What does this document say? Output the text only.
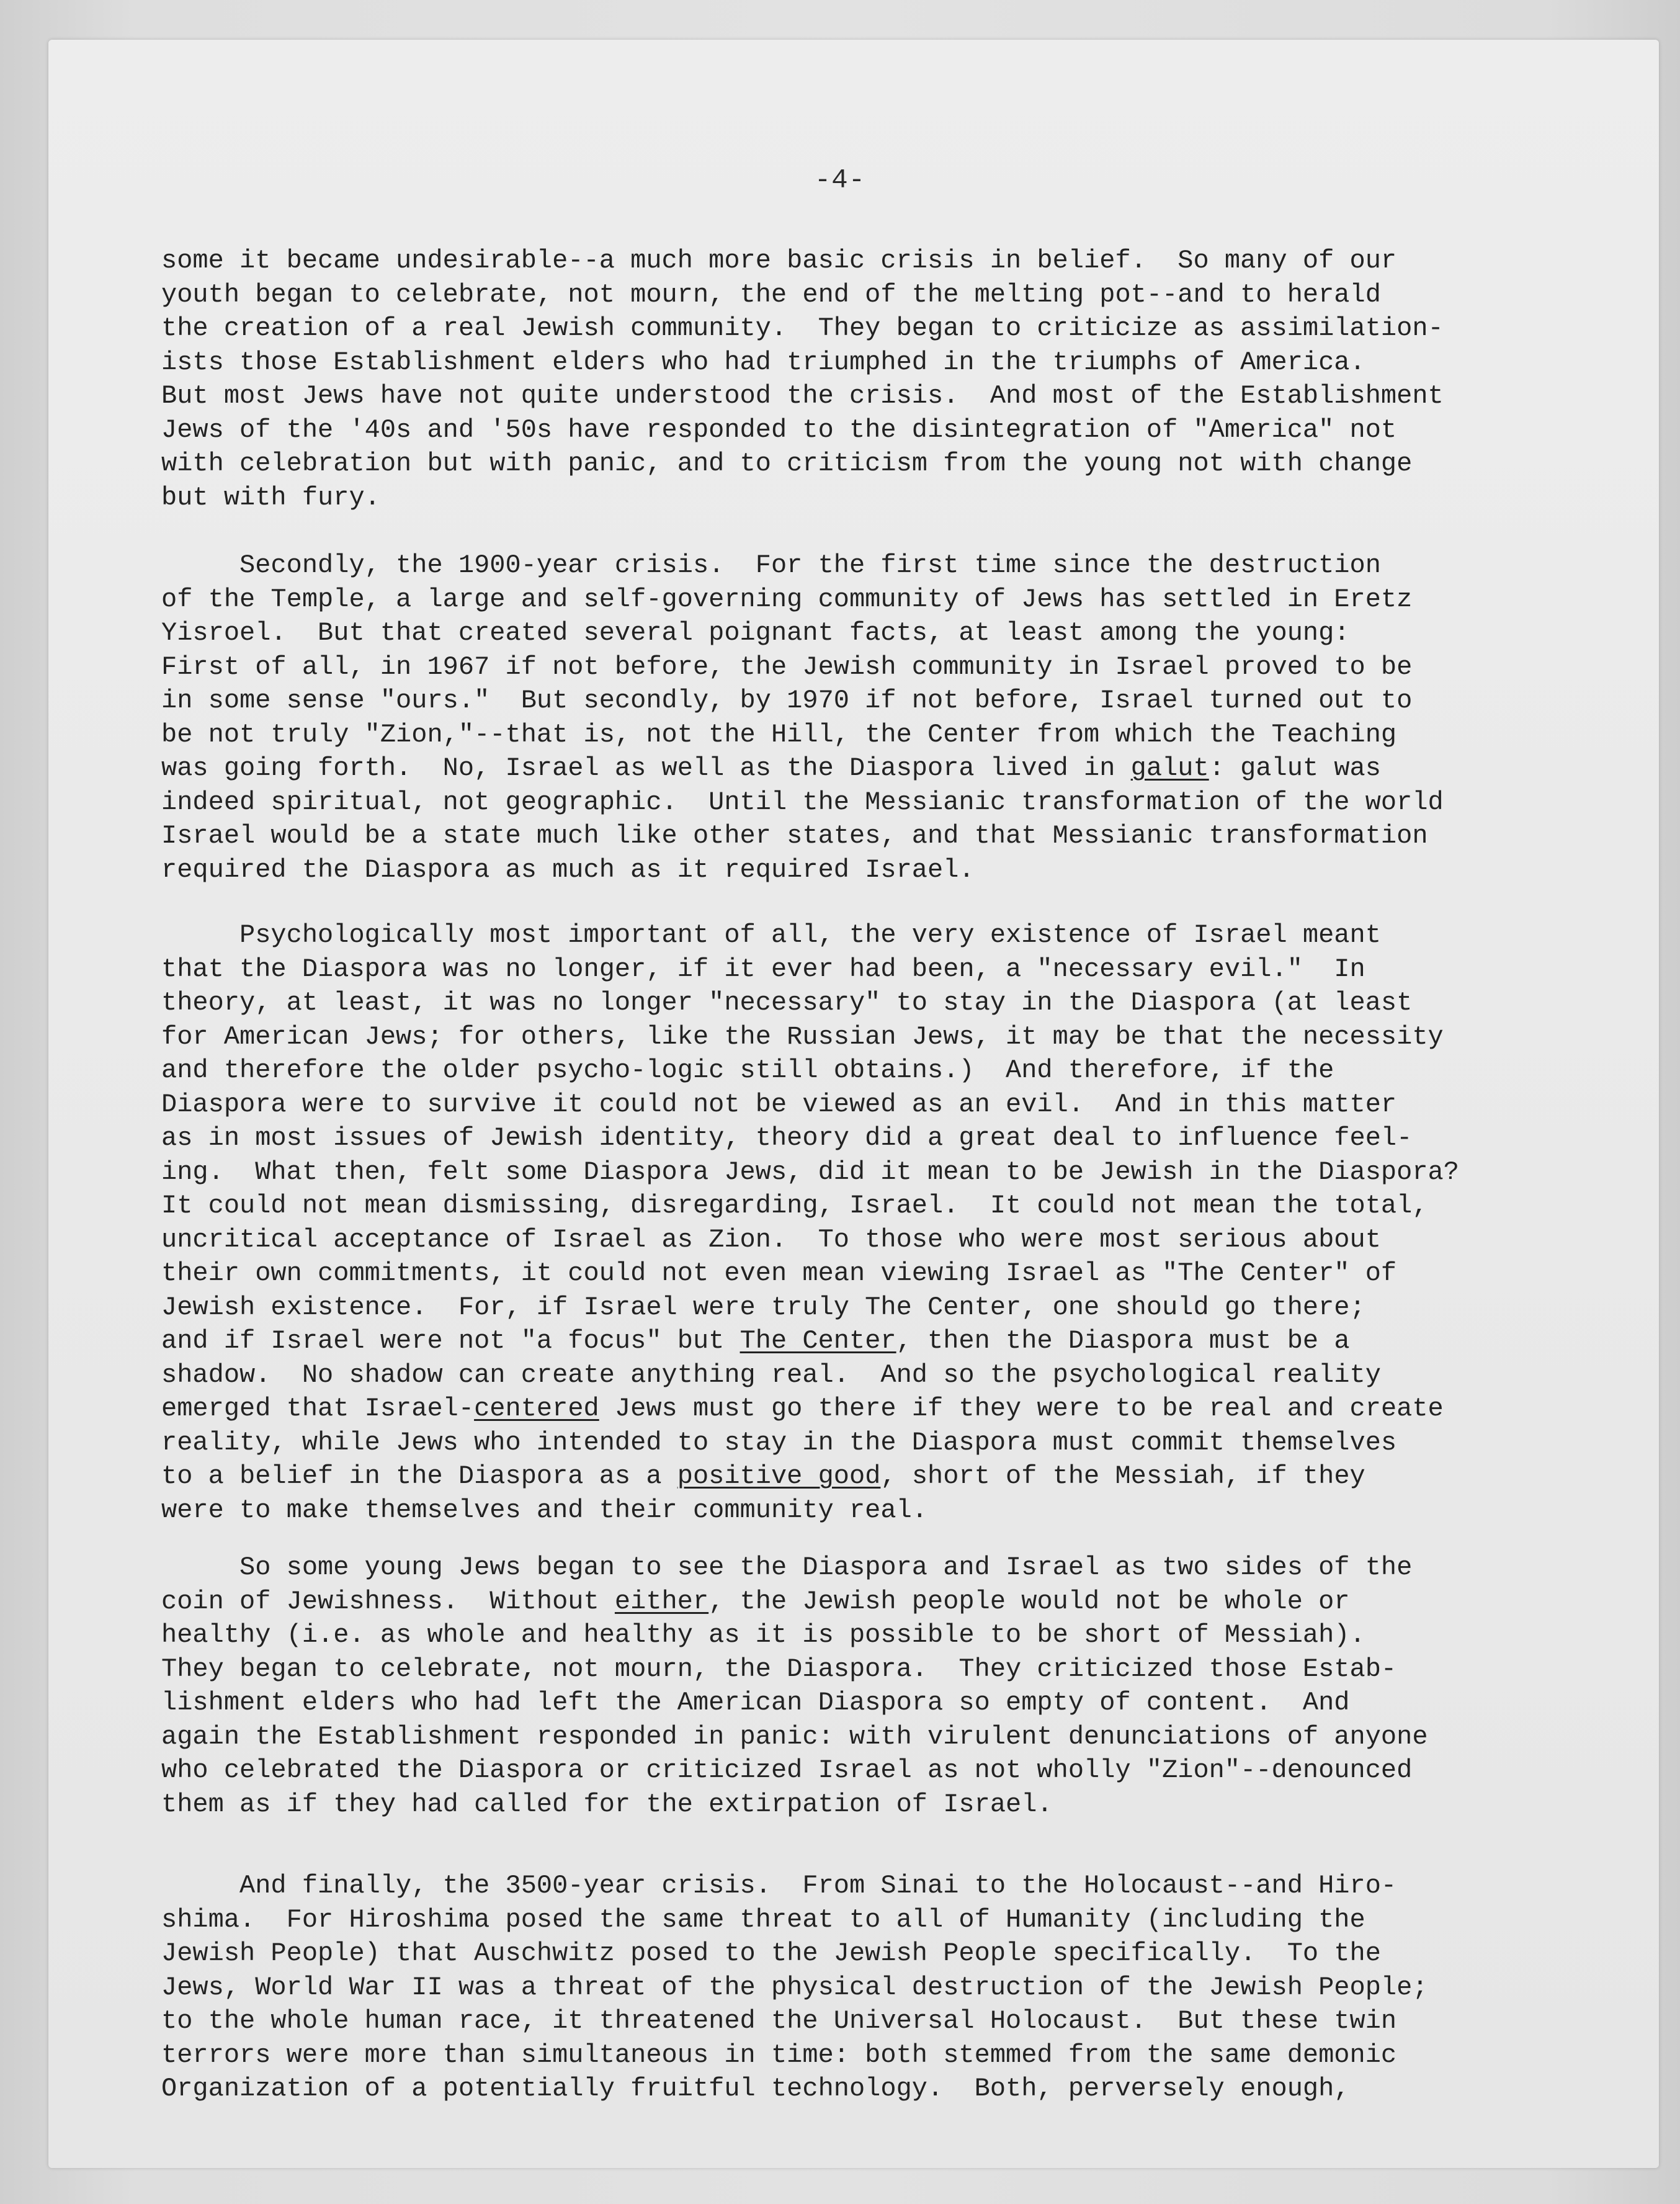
-4-
some it became undesirable--a much more basic crisis in belief.  So many of our
youth began to celebrate, not mourn, the end of the melting pot--and to herald
the creation of a real Jewish community.  They began to criticize as assimilation-
ists those Establishment elders who had triumphed in the triumphs of America.
But most Jews have not quite understood the crisis.  And most of the Establishment
Jews of the '40s and '50s have responded to the disintegration of "America" not
with celebration but with panic, and to criticism from the young not with change
but with fury.
Secondly, the 1900-year crisis.  For the first time since the destruction
of the Temple, a large and self-governing community of Jews has settled in Eretz
Yisroel.  But that created several poignant facts, at least among the young:
First of all, in 1967 if not before, the Jewish community in Israel proved to be
in some sense "ours."  But secondly, by 1970 if not before, Israel turned out to
be not truly "Zion,"--that is, not the Hill, the Center from which the Teaching
was going forth.  No, Israel as well as the Diaspora lived in galut: galut was
indeed spiritual, not geographic.  Until the Messianic transformation of the world
Israel would be a state much like other states, and that Messianic transformation
required the Diaspora as much as it required Israel.
Psychologically most important of all, the very existence of Israel meant
that the Diaspora was no longer, if it ever had been, a "necessary evil."  In
theory, at least, it was no longer "necessary" to stay in the Diaspora (at least
for American Jews; for others, like the Russian Jews, it may be that the necessity
and therefore the older psycho-logic still obtains.)  And therefore, if the
Diaspora were to survive it could not be viewed as an evil.  And in this matter
as in most issues of Jewish identity, theory did a great deal to influence feel-
ing.  What then, felt some Diaspora Jews, did it mean to be Jewish in the Diaspora?
It could not mean dismissing, disregarding, Israel.  It could not mean the total,
uncritical acceptance of Israel as Zion.  To those who were most serious about
their own commitments, it could not even mean viewing Israel as "The Center" of
Jewish existence.  For, if Israel were truly The Center, one should go there;
and if Israel were not "a focus" but The Center, then the Diaspora must be a
shadow.  No shadow can create anything real.  And so the psychological reality
emerged that Israel-centered Jews must go there if they were to be real and create
reality, while Jews who intended to stay in the Diaspora must commit themselves
to a belief in the Diaspora as a positive good, short of the Messiah, if they
were to make themselves and their community real.
So some young Jews began to see the Diaspora and Israel as two sides of the
coin of Jewishness.  Without either, the Jewish people would not be whole or
healthy (i.e. as whole and healthy as it is possible to be short of Messiah).
They began to celebrate, not mourn, the Diaspora.  They criticized those Estab-
lishment elders who had left the American Diaspora so empty of content.  And
again the Establishment responded in panic: with virulent denunciations of anyone
who celebrated the Diaspora or criticized Israel as not wholly "Zion"--denounced
them as if they had called for the extirpation of Israel.
And finally, the 3500-year crisis.  From Sinai to the Holocaust--and Hiro-
shima.  For Hiroshima posed the same threat to all of Humanity (including the
Jewish People) that Auschwitz posed to the Jewish People specifically.  To the
Jews, World War II was a threat of the physical destruction of the Jewish People;
to the whole human race, it threatened the Universal Holocaust.  But these twin
terrors were more than simultaneous in time: both stemmed from the same demonic
Organization of a potentially fruitful technology.  Both, perversely enough,
